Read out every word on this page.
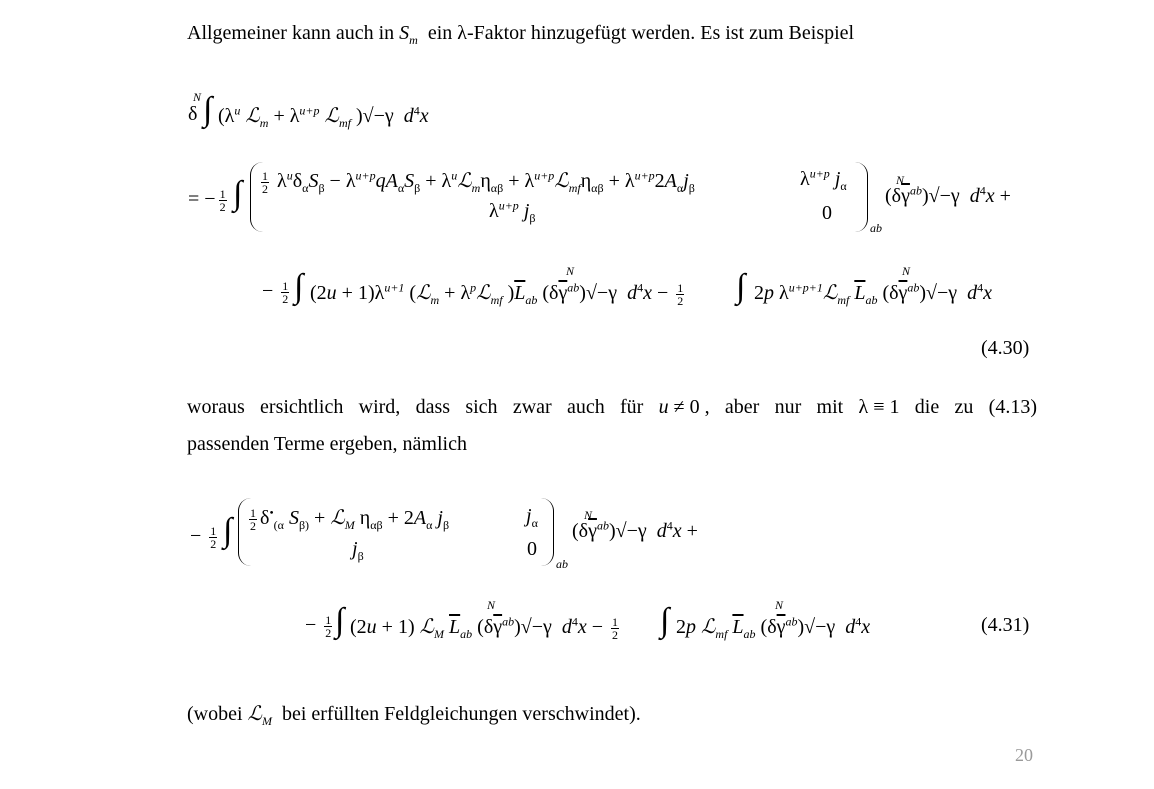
Allgemeiner kann auch in $S_m$  ein λ-Faktor hinzugefügt werden. Es ist zum Beispiel
N
δ ∫ ($\lambda^u$ ℒ$_m$ + $\lambda^{u+p}$ ℒ$_{mf}$ )√−γ  $d^4x$
= − $\frac{1}{2}$ ∫ $\frac{1}{2} \lambda^u\delta_\alpha S_\beta - \lambda^{u+p}qA_\alpha S_\beta$ + $\lambda^uℒ_m\eta_{\alpha\beta}$ + $\lambda^{u+p}ℒ_{mf}\eta_{\alpha\beta} + \lambda^{u+p}2A_\alpha j_\beta$	$\lambda^{u+p}$ $j_\alpha$
$\lambda^{u+p}$ $j_\beta$	0
ab
N
$(\delta\overline{\gamma}^{ab})√-\gamma$  $d^4x$ +
− $\frac{1}{2}$ ∫ $(2u + 1)\lambda^{u+1}$ (ℒ$_m$ + $\lambda^pℒ_{mf}$ )$\overline{L}_{ab}$ $(\delta\overline{\gamma}^{ab})√-\gamma$  $d^4x - \frac{1}{2}$
N	∫ 2p $\lambda^{u+p+1}ℒ_{mf}$ $\overline{L}_{ab}$ $(\delta\overline{\gamma}^{ab})√-\gamma$  $d^4x$
N
(4.30)
woraus ersichtlich wird, dass sich zwar auch für u ≠ 0 , aber nur mit λ ≡ 1 die zu (4.13)
passenden Terme ergeben, nämlich
− $\frac{1}{2}$ ∫ $\frac{1}{2} \delta^•_{(\alpha}$ $S_{\beta)}$ + ℒ$_M$ $\eta_{\alpha\beta} + 2A_\alpha$ $j_\beta$	$j_\alpha$
$j_\beta$	0
ab
N
$(\delta\overline{\gamma}^{ab})√-\gamma$  $d^4x$ +
− $\frac{1}{2}$ ∫ (2u + 1) ℒ$_M$ $\overline{L}_{ab}$ $(\delta\overline{\gamma}^{ab})√-\gamma$  $d^4x - \frac{1}{2}$
N	∫ 2p ℒ$_{mf}$ $\overline{L}_{ab}$ $(\delta\overline{\gamma}^{ab})√-\gamma$  $d^4x$
N
(4.31)
(wobei ℒ$_M$  bei erfüllten Feldgleichungen verschwindet).
20
